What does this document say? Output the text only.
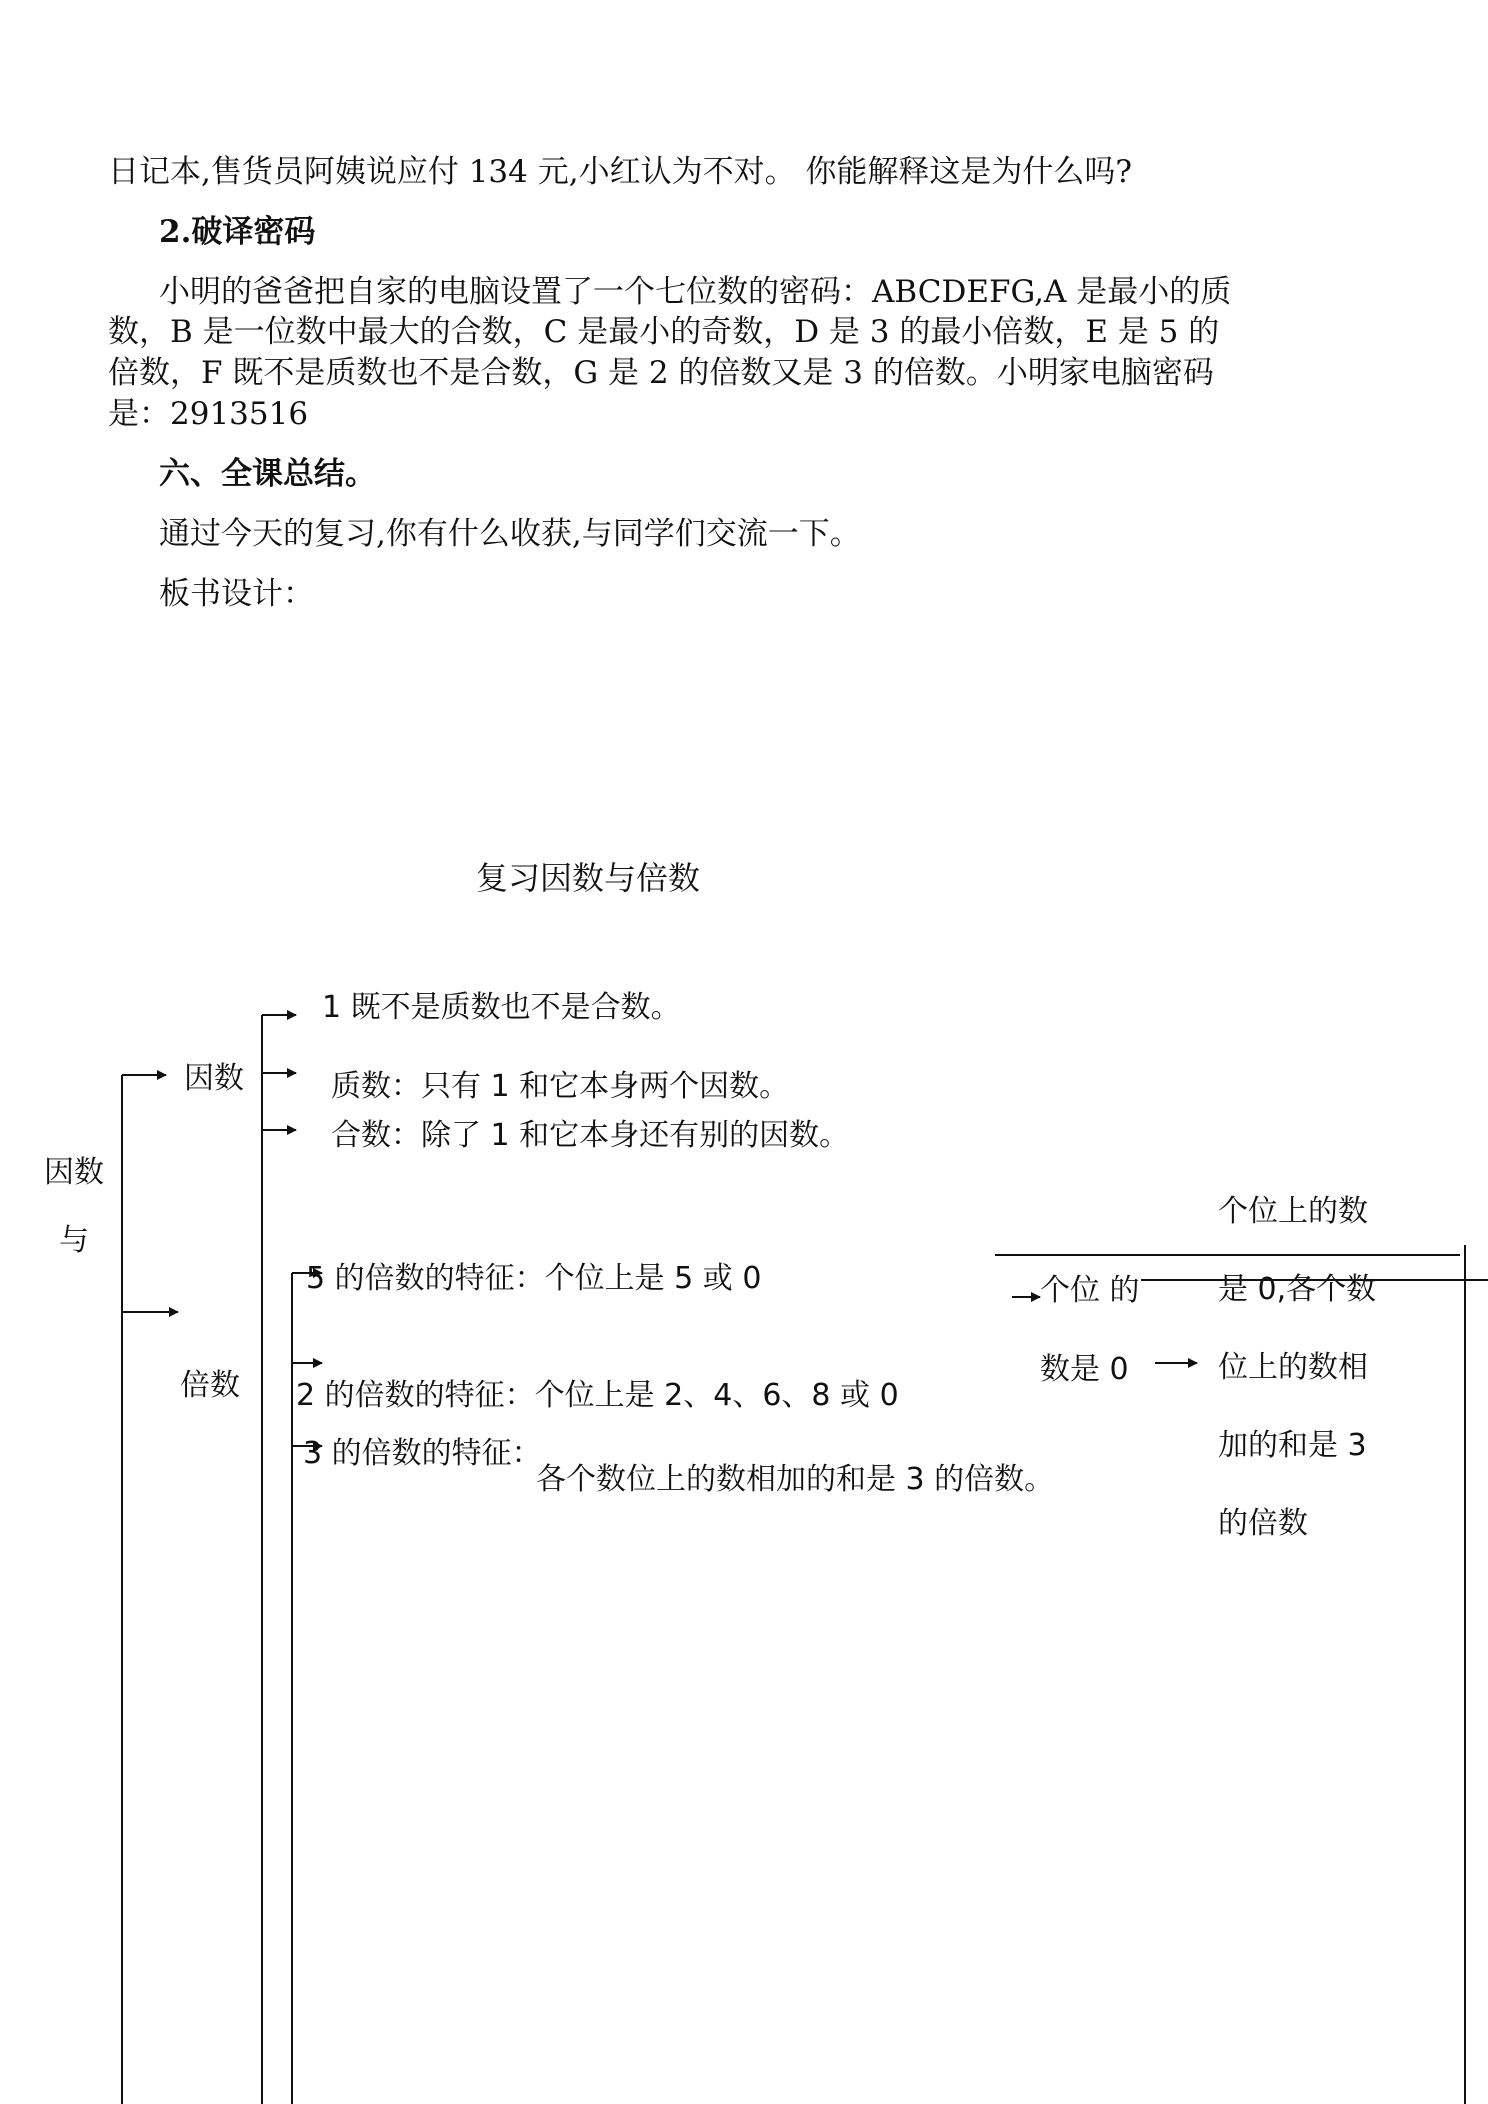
日记本,售货员阿姨说应付 134 元,小红认为不对。 你能解释这是为什么吗?
2.破译密码
小明的爸爸把自家的电脑设置了一个七位数的密码：ABCDEFG,A 是最小的质
数，B 是一位数中最大的合数，C 是最小的奇数，D 是 3 的最小倍数，E 是 5 的
倍数，F 既不是质数也不是合数，G 是 2 的倍数又是 3 的倍数。小明家电脑密码
是：2913516
六、全课总结。
通过今天的复习,你有什么收获,与同学们交流一下。
板书设计：
复习因数与倍数
因数
与
因数
倍数
1 既不是质数也不是合数。
质数：只有 1 和它本身两个因数。
合数：除了 1 和它本身还有别的因数。
5 的倍数的特征：个位上是 5 或 0
2 的倍数的特征：个位上是 2、4、6、8 或 0
3 的倍数的特征：
各个数位上的数相加的和是 3 的倍数。
个位 的
数是 0
个位上的数
是 0,各个数
位上的数相
加的和是 3
的倍数
